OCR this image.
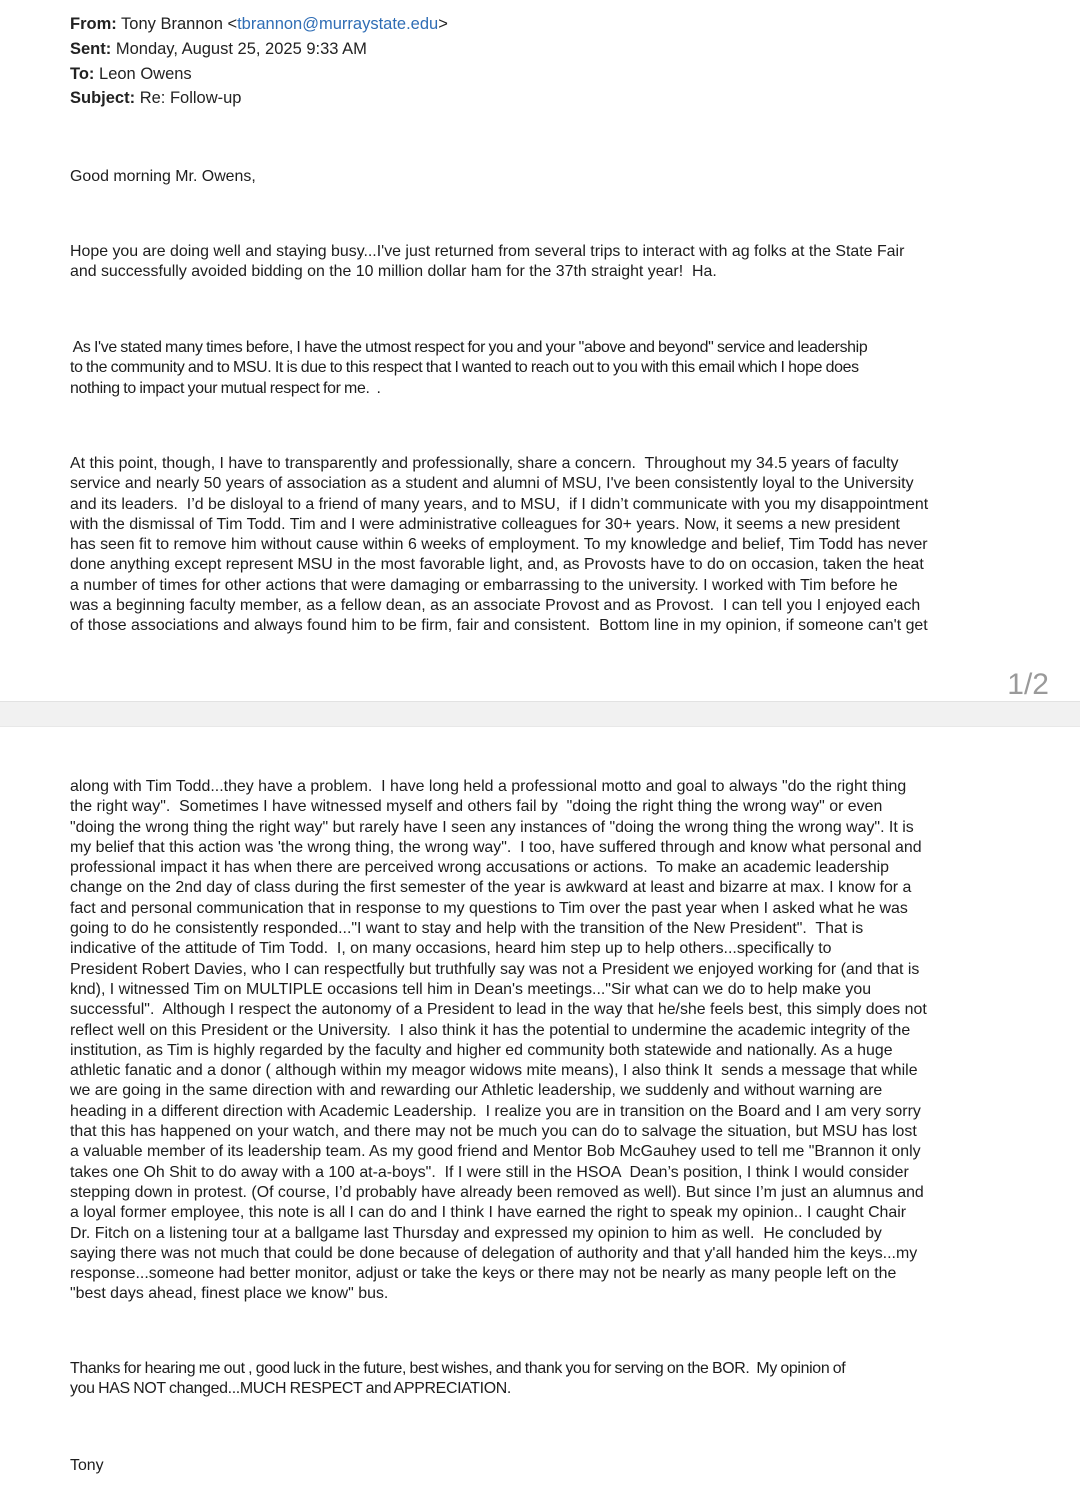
From: Tony Brannon <tbrannon@murraystate.edu>
Sent: Monday, August 25, 2025 9:33 AM
To: Leon Owens
Subject: Re: Follow-up
Good morning Mr. Owens,
Hope you are doing well and staying busy...I've just returned from several trips to interact with ag folks at the State Fair
and successfully avoided bidding on the 10 million dollar ham for the 37th straight year!  Ha.
As I've stated many times before, I have the utmost respect for you and your "above and beyond" service and leadership
to the community and to MSU. It is due to this respect that I wanted to reach out to you with this email which I hope does
nothing to impact your mutual respect for me.  .
At this point, though, I have to transparently and professionally, share a concern.  Throughout my 34.5 years of faculty
service and nearly 50 years of association as a student and alumni of MSU, I've been consistently loyal to the University
and its leaders.  I’d be disloyal to a friend of many years, and to MSU,  if I didn’t communicate with you my disappointment
with the dismissal of Tim Todd. Tim and I were administrative colleagues for 30+ years. Now, it seems a new president
has seen fit to remove him without cause within 6 weeks of employment. To my knowledge and belief, Tim Todd has never
done anything except represent MSU in the most favorable light, and, as Provosts have to do on occasion, taken the heat
a number of times for other actions that were damaging or embarrassing to the university. I worked with Tim before he
was a beginning faculty member, as a fellow dean, as an associate Provost and as Provost.  I can tell you I enjoyed each
of those associations and always found him to be firm, fair and consistent.  Bottom line in my opinion, if someone can't get
1/2
along with Tim Todd...they have a problem.  I have long held a professional motto and goal to always "do the right thing
the right way".  Sometimes I have witnessed myself and others fail by  "doing the right thing the wrong way" or even
"doing the wrong thing the right way" but rarely have I seen any instances of "doing the wrong thing the wrong way". It is
my belief that this action was 'the wrong thing, the wrong way".  I too, have suffered through and know what personal and
professional impact it has when there are perceived wrong accusations or actions.  To make an academic leadership
change on the 2nd day of class during the first semester of the year is awkward at least and bizarre at max. I know for a
fact and personal communication that in response to my questions to Tim over the past year when I asked what he was
going to do he consistently responded..."I want to stay and help with the transition of the New President".  That is
indicative of the attitude of Tim Todd.  I, on many occasions, heard him step up to help others...specifically to
President Robert Davies, who I can respectfully but truthfully say was not a President we enjoyed working for (and that is
knd), I witnessed Tim on MULTIPLE occasions tell him in Dean's meetings..."Sir what can we do to help make you
successful".  Although I respect the autonomy of a President to lead in the way that he/she feels best, this simply does not
reflect well on this President or the University.  I also think it has the potential to undermine the academic integrity of the
institution, as Tim is highly regarded by the faculty and higher ed community both statewide and nationally. As a huge
athletic fanatic and a donor ( although within my meagor widows mite means), I also think It  sends a message that while
we are going in the same direction with and rewarding our Athletic leadership, we suddenly and without warning are
heading in a different direction with Academic Leadership.  I realize you are in transition on the Board and I am very sorry
that this has happened on your watch, and there may not be much you can do to salvage the situation, but MSU has lost
a valuable member of its leadership team. As my good friend and Mentor Bob McGauhey used to tell me "Brannon it only
takes one Oh Shit to do away with a 100 at-a-boys".  If I were still in the HSOA  Dean’s position, I think I would consider
stepping down in protest. (Of course, I’d probably have already been removed as well). But since I’m just an alumnus and
a loyal former employee, this note is all I can do and I think I have earned the right to speak my opinion.. I caught Chair
Dr. Fitch on a listening tour at a ballgame last Thursday and expressed my opinion to him as well.  He concluded by
saying there was not much that could be done because of delegation of authority and that y'all handed him the keys...my
response...someone had better monitor, adjust or take the keys or there may not be nearly as many people left on the
"best days ahead, finest place we know" bus.
Thanks for hearing me out , good luck in the future, best wishes, and thank you for serving on the BOR.  My opinion of
you HAS NOT changed...MUCH RESPECT and APPRECIATION.
Tony
